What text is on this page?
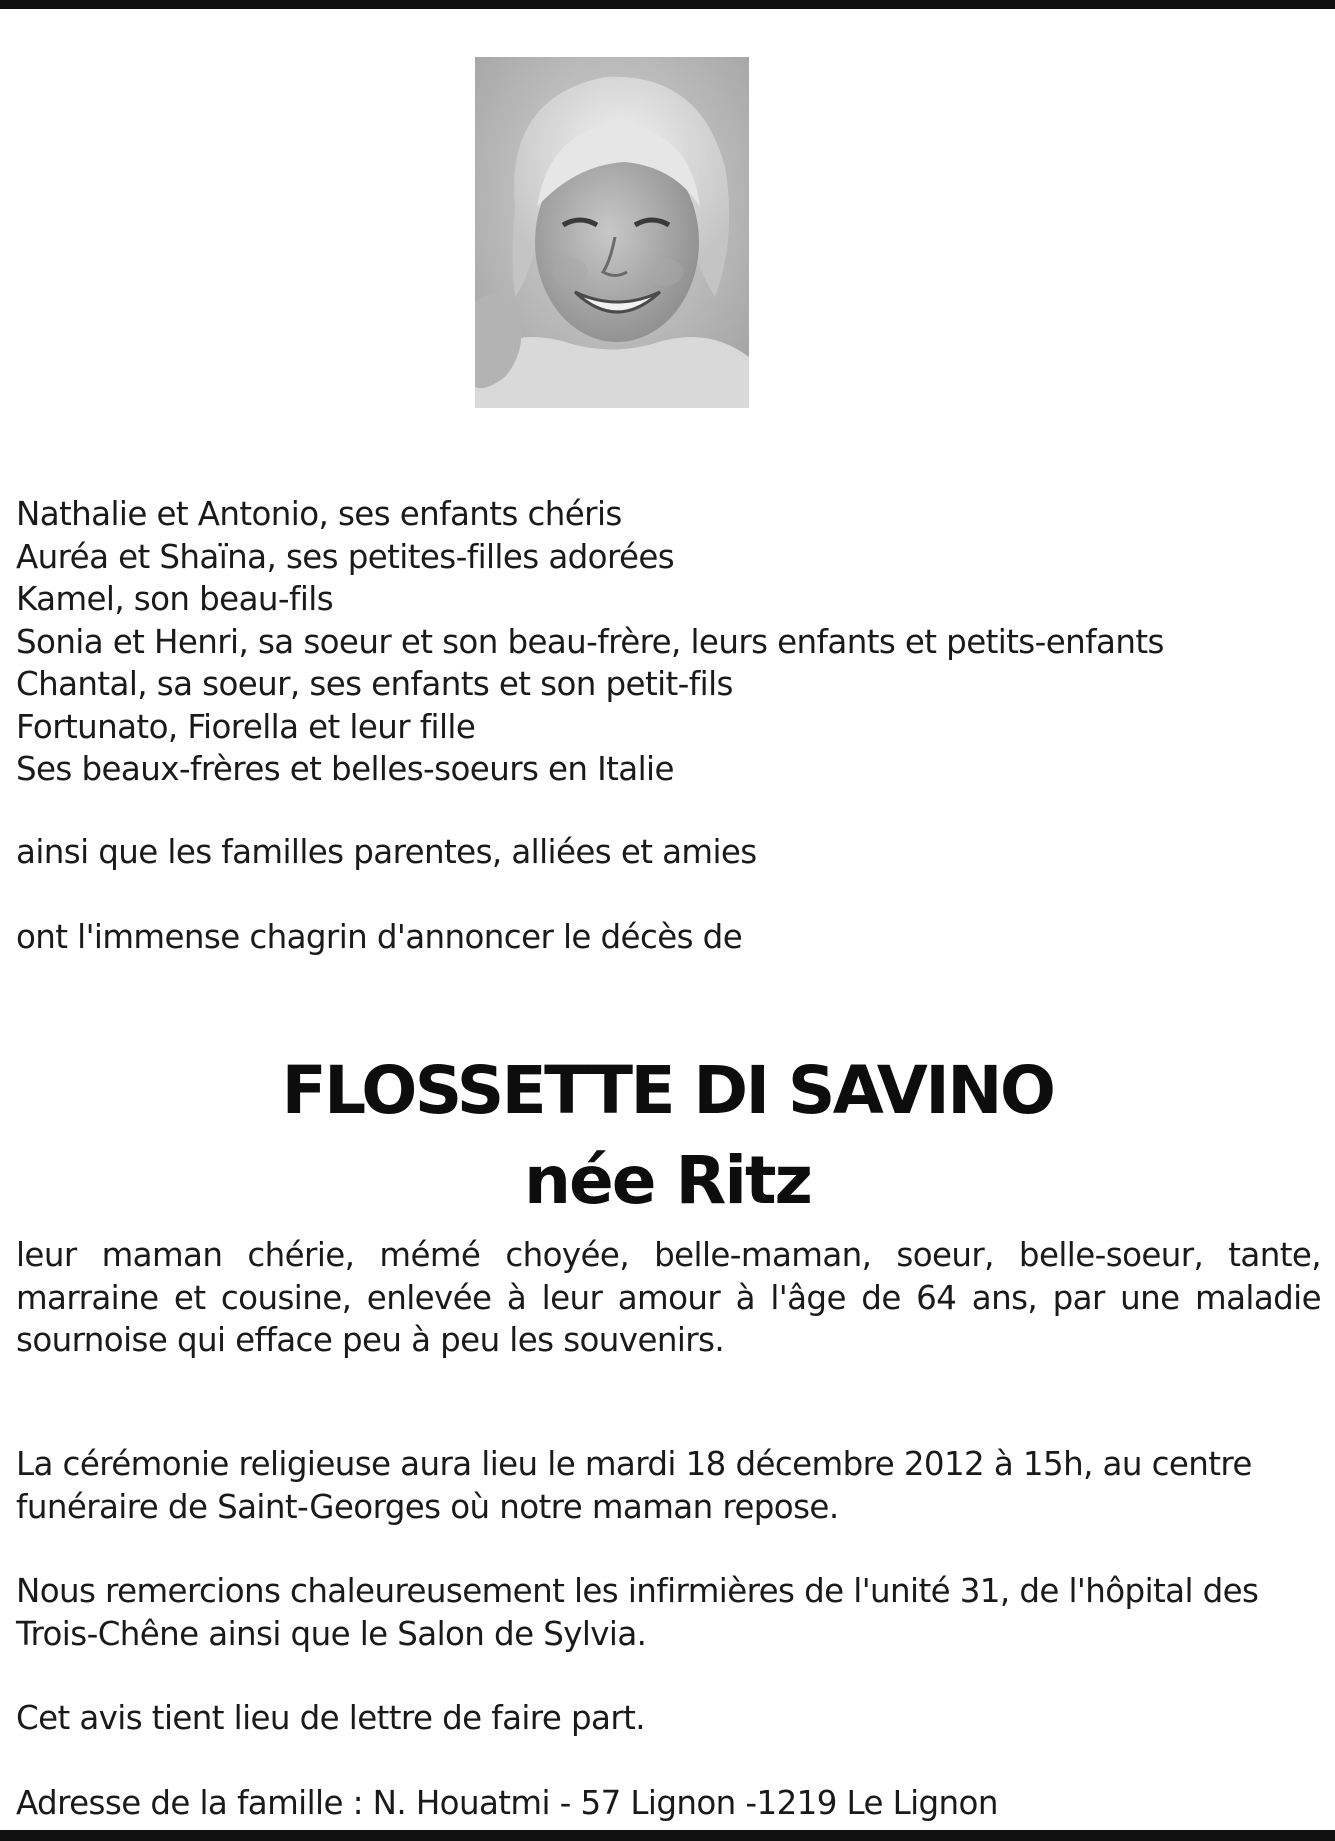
Nathalie et Antonio, ses enfants chéris
Auréa et Shaïna, ses petites-filles adorées
Kamel, son beau-fils
Sonia et Henri, sa soeur et son beau-frère, leurs enfants et petits-enfants
Chantal, sa soeur, ses enfants et son petit-fils
Fortunato, Fiorella et leur fille
Ses beaux-frères et belles-soeurs en Italie

ainsi que les familles parentes, alliées et amies

ont l'immense chagrin d'annoncer le décès de

FLOSSETTE DI SAVINO
née Ritz

leur maman chérie, mémé choyée, belle-maman, soeur, belle-soeur, tante, marraine et cousine, enlevée à leur amour à l'âge de 64 ans, par une maladie sournoise qui efface peu à peu les souvenirs.

La cérémonie religieuse aura lieu le mardi 18 décembre 2012 à 15h, au centre funéraire de Saint-Georges où notre maman repose.

Nous remercions chaleureusement les infirmières de l'unité 31, de l'hôpital des Trois-Chêne ainsi que le Salon de Sylvia.

Cet avis tient lieu de lettre de faire part.

Adresse de la famille : N. Houatmi - 57 Lignon -1219 Le Lignon
